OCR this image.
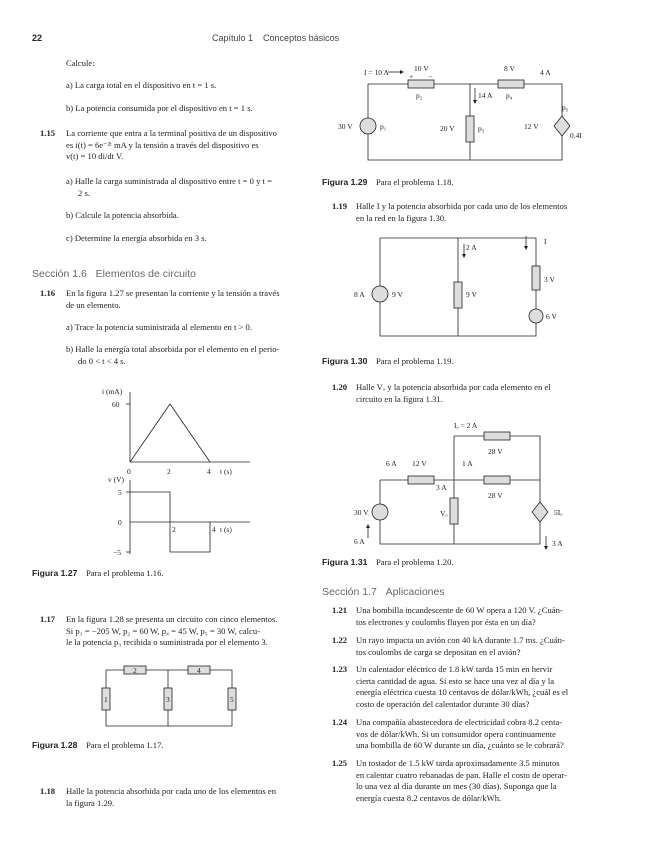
22	Capítulo 1 Conceptos básicos
Calcule:
a) La carga total en el dispositivo en t = 1 s.
b) La potencia consumida por el dispositivo en t = 1 s.
1.15 La corriente que entra a la terminal positiva de un dispositivo
es i(t) = 6e⁻²ᵗ mA y la tensión a través del dispositivo es
v(t) = 10 di/dt V.
a) Halle la carga suministrada al dispositivo entre t = 0 y t =
2 s.
b) Calcule la potencia absorbida.
c) Determine la energía absorbida en 3 s.
Sección 1.6 Elementos de circuito
1.16 En la figura 1.27 se presentan la corriente y la tensión a través
de un elemento.
a) Trace la potencia suministrada al elemento en t > 0.
b) Halle la energía total absorbida por el elemento en el perio-
do 0 < t < 4 s.
i (mA)
60
0	2	4 t (s)
v (V)
5
0
−5
2	4 t (s)
Figura 1.27 Para el problema 1.16.
1.17 En la figura 1.28 se presenta un circuito con cinco elementos.
Si p₁ = −205 W, p₂ = 60 W, p₄ = 45 W, p₅ = 30 W, calcu-
le la potencia p₃ recibida o suministrada por el elemento 3.
2	4
1	3	5
Figura 1.28 Para el problema 1.17.
1.18 Halle la potencia absorbida por cada uno de los elementos en
la figura 1.29.
I = 10 A	10 V	8 V	4 A
p₂	14 A p₄
p₅
30 V	p₁	20 V	p₃	12 V
0.4I
+ −
Figura 1.29 Para el problema 1.18.
1.19 Halle I y la potencia absorbida por cada uno de los elementos
en la red en la figura 1.30.
2 A
I
3 V
8 A	9 V	9 V
6 V
Figura 1.30 Para el problema 1.19.
1.20 Halle Vₒ y la potencia absorbida por cada elemento en el
circuito en la figura 1.31.
Iₒ = 2 A
28 V
6 A 12 V	1 A
3 A
28 V
30 V	Vₒ	5Iₒ
6 A	3 A
Figura 1.31 Para el problema 1.20.
Sección 1.7 Aplicaciones
1.21 Una bombilla incandescente de 60 W opera a 120 V. ¿Cuán-
tos electrones y coulombs fluyen por ésta en un día?
1.22 Un rayo impacta un avión con 40 kA durante 1.7 ms. ¿Cuán-
tos coulombs de carga se depositan en el avión?
1.23 Un calentador eléctrico de 1.8 kW tarda 15 min en hervir
cierta cantidad de agua. Si esto se hace una vez al día y la
energía eléctrica cuesta 10 centavos de dólar/kWh, ¿cuál es el
costo de operación del calentador durante 30 días?
1.24 Una compañía abastecedora de electricidad cobra 8.2 centa-
vos de dólar/kWh. Si un consumidor opera continuamente
una bombilla de 60 W durante un día, ¿cuánto se le cobrará?
1.25 Un tostador de 1.5 kW tarda aproximadamente 3.5 minutos
en calentar cuatro rebanadas de pan. Halle el costo de operar-
lo una vez al día durante un mes (30 días). Suponga que la
energía cuesta 8.2 centavos de dólar/kWh.
